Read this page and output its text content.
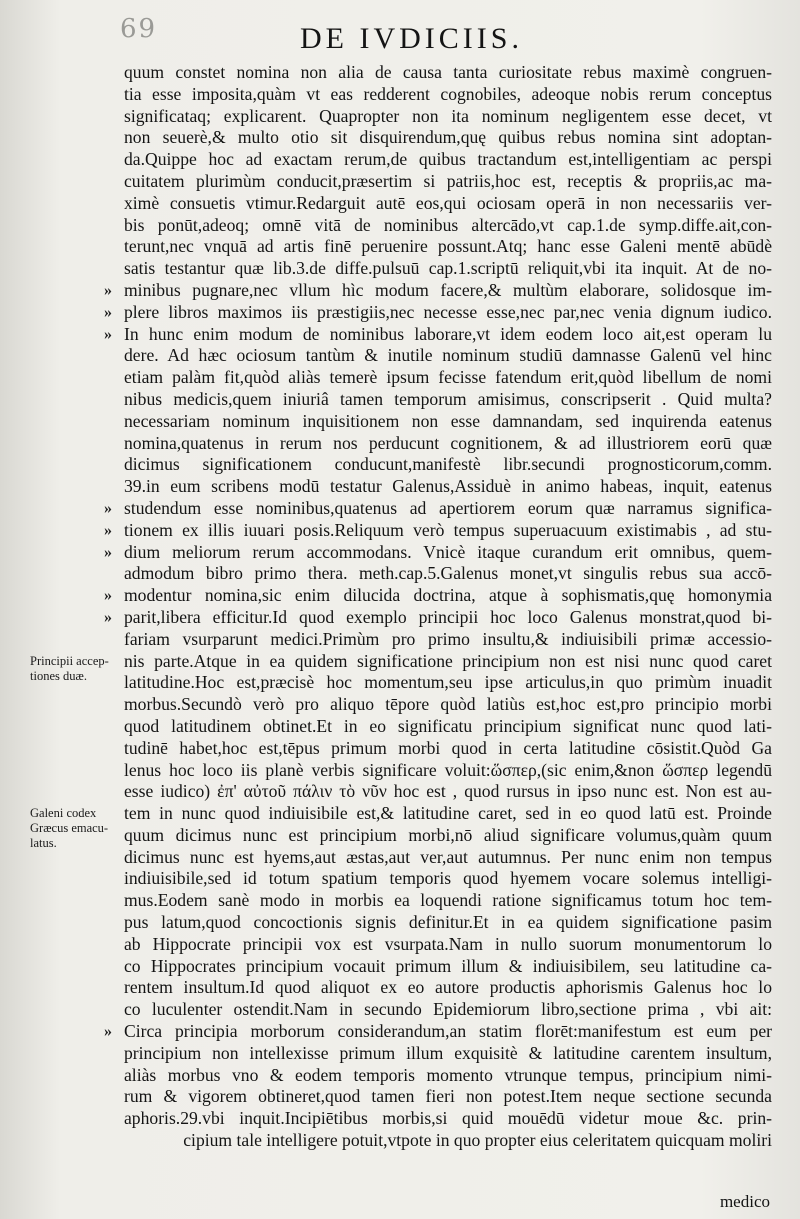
69	DE IVDICIIS.
quum constet nomina non alia de causa tanta curiositate rebus maximè congruen-
tia esse imposita,quàm vt eas redderent cognobiles, adeoque nobis rerum conceptus
significataq; explicarent. Quapropter non ita nominum negligentem esse decet, vt
non seuerè,& multo otio sit disquirendum,quę quibus rebus nomina sint adoptan-
da.Quippe hoc ad exactam rerum,de quibus tractandum est,intelligentiam ac perspi
cuitatem plurimùm conducit,præsertim si patriis,hoc est, receptis & propriis,ac ma-
ximè consuetis vtimur.Redarguit autē eos,qui ociosam operā in non necessariis ver-
bis ponūt,adeoq; omnē vitā de nominibus altercādo,vt cap.1.de symp.diffe.ait,con-
terunt,nec vnquā ad artis finē peruenire possunt.Atq; hanc esse Galeni mentē abūdè
satis testantur quæ lib.3.de diffe.pulsuū cap.1.scriptū reliquit,vbi ita inquit. At de no-
minibus pugnare,nec vllum hìc modum facere,& multùm elaborare, solidosque im-
plere libros maximos iis præstigiis,nec necesse esse,nec par,nec venia dignum iudico.
In hunc enim modum de nominibus laborare,vt idem eodem loco ait,est operam lu
dere. Ad hæc ociosum tantùm & inutile nominum studiū damnasse Galenū vel hinc
etiam palàm fit,quòd aliàs temerè ipsum fecisse fatendum erit,quòd libellum de nomi
nibus medicis,quem iniuriâ tamen temporum amisimus, conscripserit . Quid multa?
necessariam nominum inquisitionem non esse damnandam, sed inquirenda eatenus
nomina,quatenus in rerum nos perducunt cognitionem, & ad illustriorem eorū quæ
dicimus significationem conducunt,manifestè libr.secundi prognosticorum,comm.
39.in eum scribens modū testatur Galenus,Assiduè in animo habeas, inquit, eatenus
studendum esse nominibus,quatenus ad apertiorem eorum quæ narramus significa-
tionem ex illis iuuari posis.Reliquum verò tempus superuacuum existimabis , ad stu-
dium meliorum rerum accommodans. Vnicè itaque curandum erit omnibus, quem-
admodum bibro primo thera. meth.cap.5.Galenus monet,vt singulis rebus sua accō-
modentur nomina,sic enim dilucida doctrina, atque à sophismatis,quę homonymia
parit,libera efficitur.Id quod exemplo principii hoc loco Galenus monstrat,quod bi-
fariam vsurparunt medici.Primùm pro primo insultu,& indiuisibili primæ accessio-
nis parte.Atque in ea quidem significatione principium non est nisi nunc quod caret
latitudine.Hoc est,præcisè hoc momentum,seu ipse articulus,in quo primùm inuadit
morbus.Secundò verò pro aliquo tēpore quòd latiùs est,hoc est,pro principio morbi
quod latitudinem obtinet.Et in eo significatu principium significat nunc quod lati-
tudinē habet,hoc est,tēpus primum morbi quod in certa latitudine cōsistit.Quòd Ga
lenus hoc loco iis planè verbis significare voluit:ὥσπερ,(sic enim,&non ὥσπερ legendū
esse iudico) ἐπ' αὐτοῦ πάλιν τὸ νῦν hoc est , quod rursus in ipso nunc est. Non est au-
tem in nunc quod indiuisibile est,& latitudine caret, sed in eo quod latū est. Proinde
quum dicimus nunc est principium morbi,nō aliud significare volumus,quàm quum
dicimus nunc est hyems,aut æstas,aut ver,aut autumnus. Per nunc enim non tempus
indiuisibile,sed id totum spatium temporis quod hyemem vocare solemus intelligi-
mus.Eodem sanè modo in morbis ea loquendi ratione significamus totum hoc tem-
pus latum,quod concoctionis signis definitur.Et in ea quidem significatione pasim
ab Hippocrate principii vox est vsurpata.Nam in nullo suorum monumentorum lo
co Hippocrates principium vocauit primum illum & indiuisibilem, seu latitudine ca-
rentem insultum.Id quod aliquot ex eo autore productis aphorismis Galenus hoc lo
co luculenter ostendit.Nam in secundo Epidemiorum libro,sectione prima , vbi ait:
Circa principia morborum considerandum,an statim florēt:manifestum est eum per
principium non intellexisse primum illum exquisitè & latitudine carentem insultum,
aliàs morbus vno & eodem temporis momento vtrunque tempus, principium nimi-
rum & vigorem obtineret,quod tamen fieri non potest.Item neque sectione secunda
aphoris.29.vbi inquit.Incipiētibus morbis,si quid mouēdū videtur moue &c. prin-
cipium tale intelligere potuit,vtpote in quo propter eius celeritatem quicquam moliri
»
»
»
»
»
»
»
»
»
Principii accep-
tiones duæ.
Galeni codex
Græcus emacu-
latus.
medico
